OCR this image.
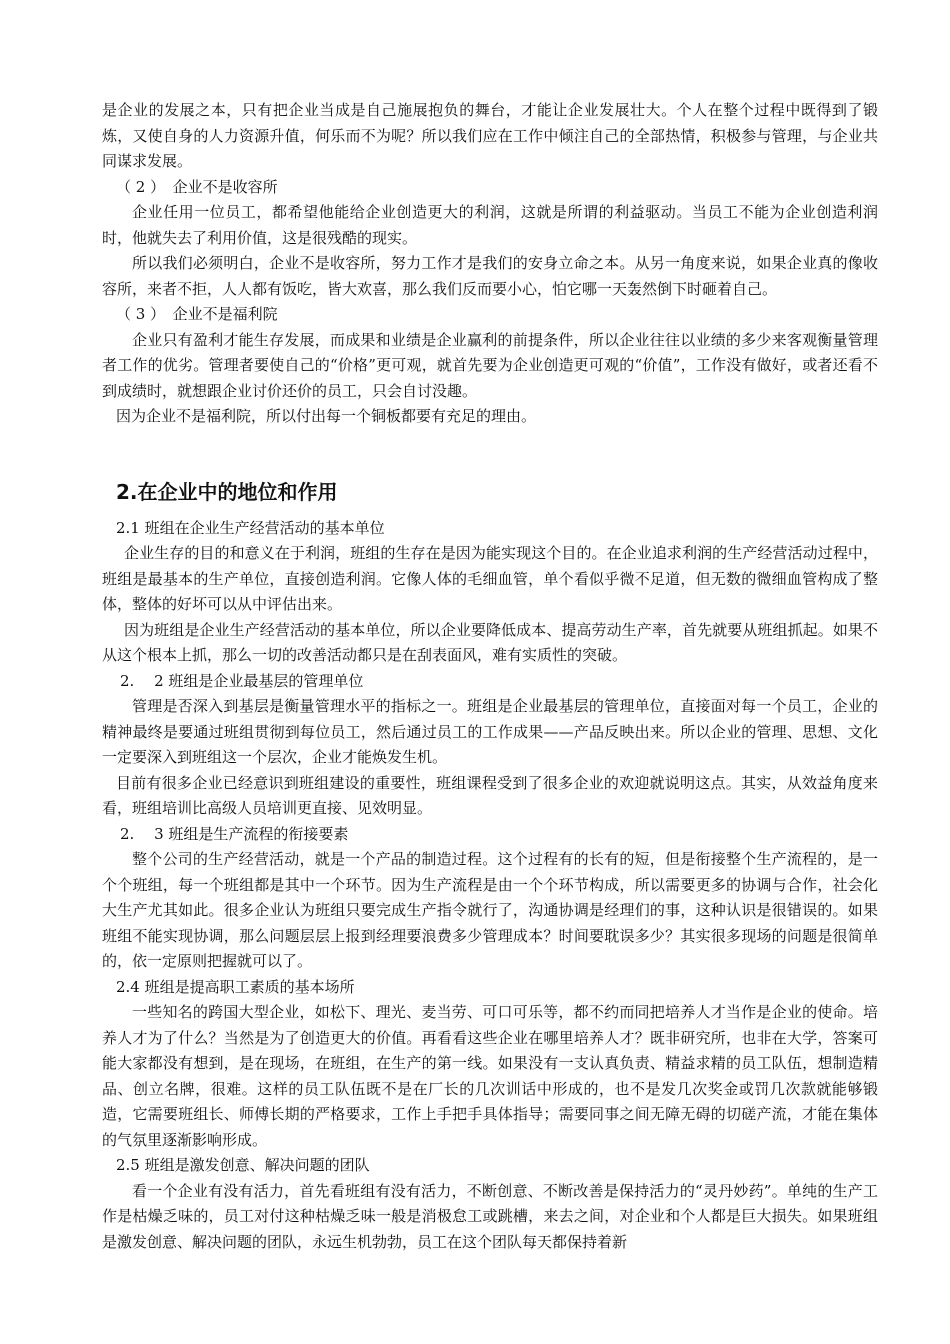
是企业的发展之本，只有把企业当成是自己施展抱负的舞台，才能让企业发展壮大。个人在整个过程中既得到了锻炼，又使自身的人力资源升值，何乐而不为呢？所以我们应在工作中倾注自己的全部热情，积极参与管理，与企业共同谋求发展。

（ 2 ）　企业不是收容所

企业任用一位员工，都希望他能给企业创造更大的利润，这就是所谓的利益驱动。当员工不能为企业创造利润时，他就失去了利用价值，这是很残酷的现实。

所以我们必须明白，企业不是收容所，努力工作才是我们的安身立命之本。从另一角度来说，如果企业真的像收容所，来者不拒，人人都有饭吃，皆大欢喜，那么我们反而要小心，怕它哪一天轰然倒下时砸着自己。

（ 3 ）　企业不是福利院

企业只有盈利才能生存发展，而成果和业绩是企业赢利的前提条件，所以企业往往以业绩的多少来客观衡量管理者工作的优劣。管理者要使自己的“价格”更可观，就首先要为企业创造更可观的“价值”，工作没有做好，或者还看不到成绩时，就想跟企业讨价还价的员工，只会自讨没趣。

因为企业不是福利院，所以付出每一个铜板都要有充足的理由。

2.在企业中的地位和作用

2.1 班组在企业生产经营活动的基本单位

企业生存的目的和意义在于利润，班组的生存在是因为能实现这个目的。在企业追求利润的生产经营活动过程中，班组是最基本的生产单位，直接创造利润。它像人体的毛细血管，单个看似乎微不足道，但无数的微细血管构成了整体，整体的好坏可以从中评估出来。

因为班组是企业生产经营活动的基本单位，所以企业要降低成本、提高劳动生产率，首先就要从班组抓起。如果不从这个根本上抓，那么一切的改善活动都只是在刮表面风，难有实质性的突破。

2.　 2 班组是企业最基层的管理单位

管理是否深入到基层是衡量管理水平的指标之一。班组是企业最基层的管理单位，直接面对每一个员工，企业的精神最终是要通过班组贯彻到每位员工，然后通过员工的工作成果——产品反映出来。所以企业的管理、思想、文化一定要深入到班组这一个层次，企业才能焕发生机。

目前有很多企业已经意识到班组建设的重要性，班组课程受到了很多企业的欢迎就说明这点。其实，从效益角度来看，班组培训比高级人员培训更直接、见效明显。

2.　 3 班组是生产流程的衔接要素

整个公司的生产经营活动，就是一个产品的制造过程。这个过程有的长有的短，但是衔接整个生产流程的，是一个个班组，每一个班组都是其中一个环节。因为生产流程是由一个个环节构成，所以需要更多的协调与合作，社会化大生产尤其如此。很多企业认为班组只要完成生产指令就行了，沟通协调是经理们的事，这种认识是很错误的。如果班组不能实现协调，那么问题层层上报到经理要浪费多少管理成本？时间要耽误多少？其实很多现场的问题是很简单的，依一定原则把握就可以了。

2.4 班组是提高职工素质的基本场所

一些知名的跨国大型企业，如松下、理光、麦当劳、可口可乐等，都不约而同把培养人才当作是企业的使命。培养人才为了什么？当然是为了创造更大的价值。再看看这些企业在哪里培养人才？既非研究所，也非在大学，答案可能大家都没有想到，是在现场，在班组，在生产的第一线。如果没有一支认真负责、精益求精的员工队伍，想制造精品、创立名牌，很难。这样的员工队伍既不是在厂长的几次训话中形成的，也不是发几次奖金或罚几次款就能够锻造，它需要班组长、师傅长期的严格要求，工作上手把手具体指导；需要同事之间无障无碍的切磋产流，才能在集体的气氛里逐渐影响形成。

2.5 班组是激发创意、解决问题的团队

看一个企业有没有活力，首先看班组有没有活力，不断创意、不断改善是保持活力的“灵丹妙药”。单纯的生产工作是枯燥乏味的，员工对付这种枯燥乏味一般是消极怠工或跳槽，来去之间，对企业和个人都是巨大损失。如果班组是激发创意、解决问题的团队，永远生机勃勃，员工在这个团队每天都保持着新
